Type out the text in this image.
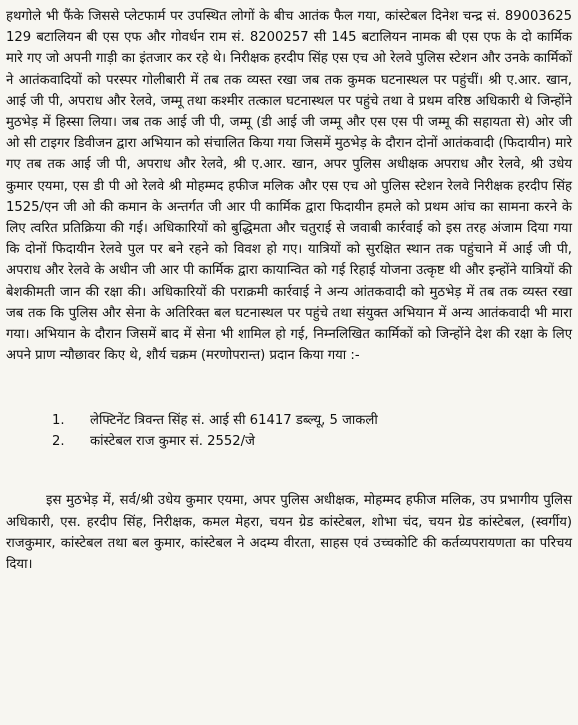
हथगोले भी फैंके जिससे प्लेटफार्म पर उपस्थित लोगों के बीच आतंक फैल गया, कांस्टेबल दिनेश चन्द्र सं. 89003625 129 बटालियन बी एस एफ और गोवर्धन राम सं. 8200257 सी 145 बटालियन नामक बी एस एफ के दो कार्मिक मारे गए जो अपनी गाड़ी का इंतजार कर रहे थे। निरीक्षक हरदीप सिंह एस एच ओ रेलवे पुलिस स्टेशन और उनके कार्मिकों ने आतंकवादियों को परस्पर गोलीबारी में तब तक व्यस्त रखा जब तक कुमक घटनास्थल पर पहुंचीं। श्री ए.आर. खान, आई जी पी, अपराध और रेलवे, जम्मू तथा कश्मीर तत्काल घटनास्थल पर पहुंचे तथा वे प्रथम वरिष्ठ अधिकारी थे जिन्होंने मुठभेड़ में हिस्सा लिया। जब तक आई जी पी, जम्मू (डी आई जी जम्मू और एस एस पी जम्मू की सहायता से) ओर जी ओ सी टाइगर डिवीजन द्वारा अभियान को संचालित किया गया जिसमें मुठभेड़ के दौरान दोनों आतंकवादी (फिदायीन) मारे गए तब तक आई जी पी, अपराध और रेलवे, श्री ए.आर. खान, अपर पुलिस अधीक्षक अपराध और रेलवे, श्री उधेय कुमार एयमा, एस डी पी ओ रेलवे श्री मोहम्मद हफीज मलिक और एस एच ओ पुलिस स्टेशन रेलवे निरीक्षक हरदीप सिंह 1525/एन जी ओ की कमान के अन्तर्गत जी आर पी कार्मिक द्वारा फिदायीन हमले को प्रथम आंच का सामना करने के लिए त्वरित प्रतिक्रिया की गई। अधिकारियों को बुद्धिमता और चतुराई से जवाबी कार्रवाई को इस तरह अंजाम दिया गया कि दोनों फिदायीन रेलवे पुल पर बने रहने को विवश हो गए। यात्रियों को सुरक्षित स्थान तक पहुंचाने में आई जी पी, अपराध और रेलवे के अधीन जी आर पी कार्मिक द्वारा कायान्वित को गई रिहाई योजना उत्कृष्ट थी और इन्होंने यात्रियों की बेशकीमती जान की रक्षा की। अधिकारियों की पराक्रमी कार्रवाई ने अन्य आंतकवादी को मुठभेड़ में तब तक व्यस्त रखा जब तक कि पुलिस और सेना के अतिरिक्त बल घटनास्थल पर पहुंचे तथा संयुक्त अभियान में अन्य आतंकवादी भी मारा गया। अभियान के दौरान जिसमें बाद में सेना भी शामिल हो गई, निम्नलिखित कार्मिकों को जिन्होंने देश की रक्षा के लिए अपने प्राण न्यौछावर किए थे, शौर्य चक्रम (मरणोपरान्त) प्रदान किया गया :-

1.	लेफ्टिनेंट त्रिवन्त सिंह सं. आई सी 61417 डब्ल्यू, 5 जाकली
2.	कांस्टेबल राज कुमार सं. 2552/जे

इस मुठभेड़ में, सर्व/श्री उधेय कुमार एयमा, अपर पुलिस अधीक्षक, मोहम्मद हफीज मलिक, उप प्रभागीय पुलिस अधिकारी, एस. हरदीप सिंह, निरीक्षक, कमल मेहरा, चयन ग्रेड कांस्टेबल, शोभा चंद, चयन ग्रेड कांस्टेबल, (स्वर्गीय) राजकुमार, कांस्टेबल तथा बल कुमार, कांस्टेबल ने अदम्य वीरता, साहस एवं उच्चकोटि की कर्तव्यपरायणता का परिचय दिया।
